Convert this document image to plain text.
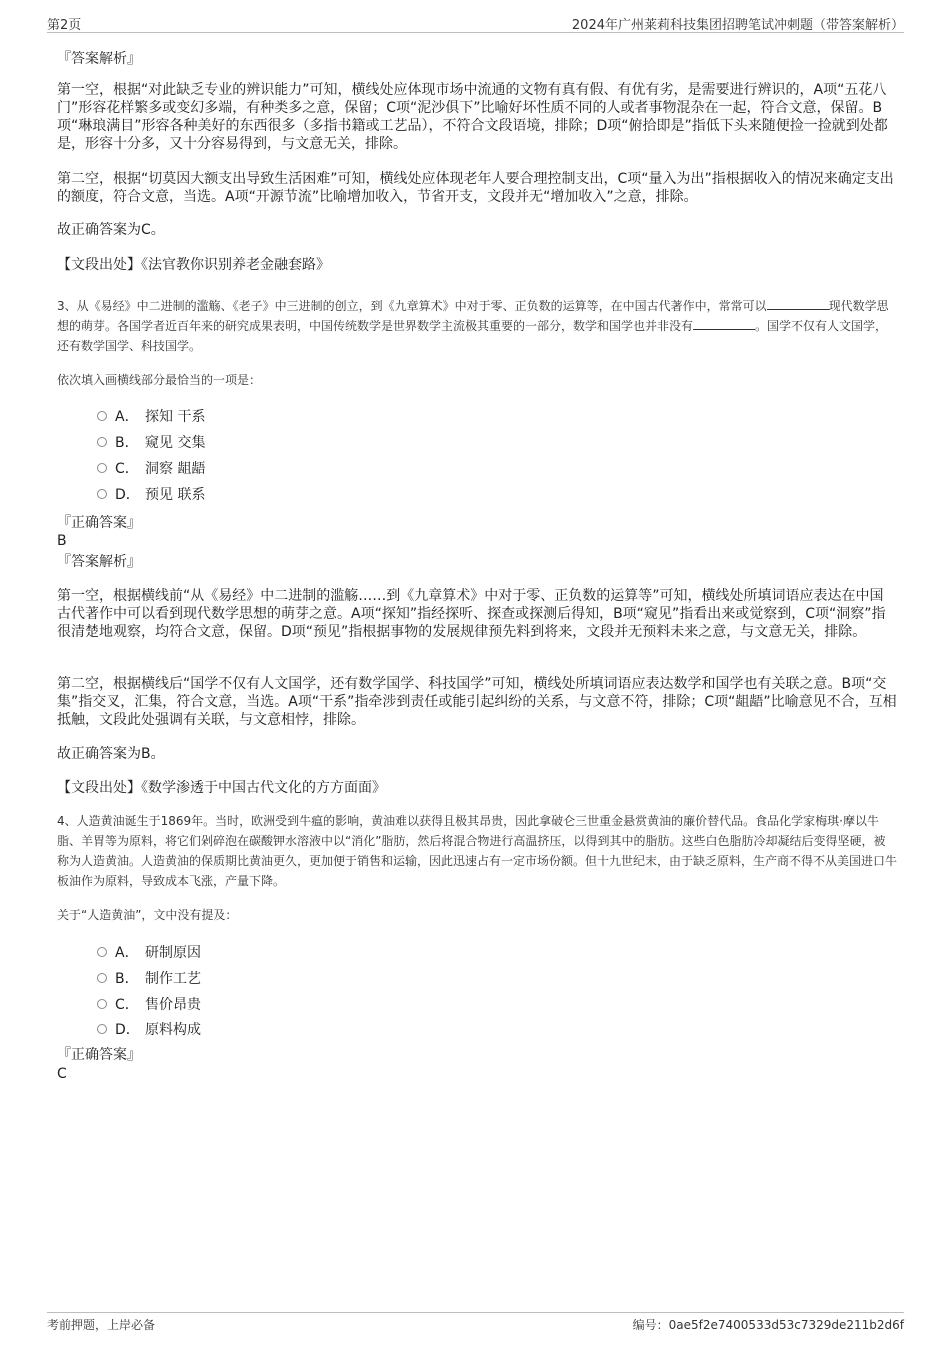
第2页	2024年广州莱莉科技集团招聘笔试冲刺题（带答案解析）
『答案解析』

第一空，根据“对此缺乏专业的辨识能力”可知，横线处应体现市场中流通的文物有真有假、有优有劣，是需要进行辨识的，A项“五花八门”形容花样繁多或变幻多端，有种类多之意，保留；C项“泥沙俱下”比喻好坏性质不同的人或者事物混杂在一起，符合文意，保留。B项“琳琅满目”形容各种美好的东西很多（多指书籍或工艺品），不符合文段语境，排除；D项“俯拾即是”指低下头来随便捡一捡就到处都是，形容十分多，又十分容易得到，与文意无关，排除。

第二空，根据“切莫因大额支出导致生活困难”可知，横线处应体现老年人要合理控制支出，C项“量入为出”指根据收入的情况来确定支出的额度，符合文意，当选。A项“开源节流”比喻增加收入，节省开支，文段并无“增加收入”之意，排除。

故正确答案为C。
【文段出处】《法官教你识别养老金融套路》
3、从《易经》中二进制的滥觞、《老子》中三进制的创立，到《九章算术》中对于零、正负数的运算等，在中国古代著作中，常常可以	现代数学思想的萌芽。各国学者近百年来的研究成果表明，中国传统数学是世界数学主流极其重要的一部分，数学和国学也并非没有	。国学不仅有人文国学，还有数学国学、科技国学。
依次填入画横线部分最恰当的一项是：
A． 探知 干系
B． 窥见 交集
C． 洞察 龃龉
D． 预见 联系
『正确答案』
B
『答案解析』

第一空，根据横线前“从《易经》中二进制的滥觞……到《九章算术》中对于零、正负数的运算等”可知，横线处所填词语应表达在中国古代著作中可以看到现代数学思想的萌芽之意。A项“探知”指经探听、探查或探测后得知，B项“窥见”指看出来或觉察到，C项“洞察”指很清楚地观察，均符合文意，保留。D项“预见”指根据事物的发展规律预先料到将来，文段并无预料未来之意，与文意无关，排除。

第二空，根据横线后“国学不仅有人文国学，还有数学国学、科技国学”可知，横线处所填词语应表达数学和国学也有关联之意。B项“交集”指交叉，汇集，符合文意，当选。A项“干系”指牵涉到责任或能引起纠纷的关系，与文意不符，排除；C项“龃龉”比喻意见不合，互相抵触，文段此处强调有关联，与文意相悖，排除。

故正确答案为B。
【文段出处】《数学渗透于中国古代文化的方方面面》

4、人造黄油诞生于1869年。当时，欧洲受到牛瘟的影响，黄油难以获得且极其昂贵，因此拿破仑三世重金悬赏黄油的廉价替代品。食品化学家梅琪·摩以牛脂、羊胃等为原料，将它们剁碎泡在碳酸钾水溶液中以“消化”脂肪，然后将混合物进行高温挤压，以得到其中的脂肪。这些白色脂肪冷却凝结后变得坚硬，被称为人造黄油。人造黄油的保质期比黄油更久，更加便于销售和运输，因此迅速占有一定市场份额。但十九世纪末，由于缺乏原料，生产商不得不从美国进口牛板油作为原料，导致成本飞涨，产量下降。

关于“人造黄油”，文中没有提及：
A． 研制原因
B． 制作工艺
C． 售价昂贵
D． 原料构成
『正确答案』
C
考前押题，上岸必备	编号：0ae5f2e7400533d53c7329de211b2d6f
